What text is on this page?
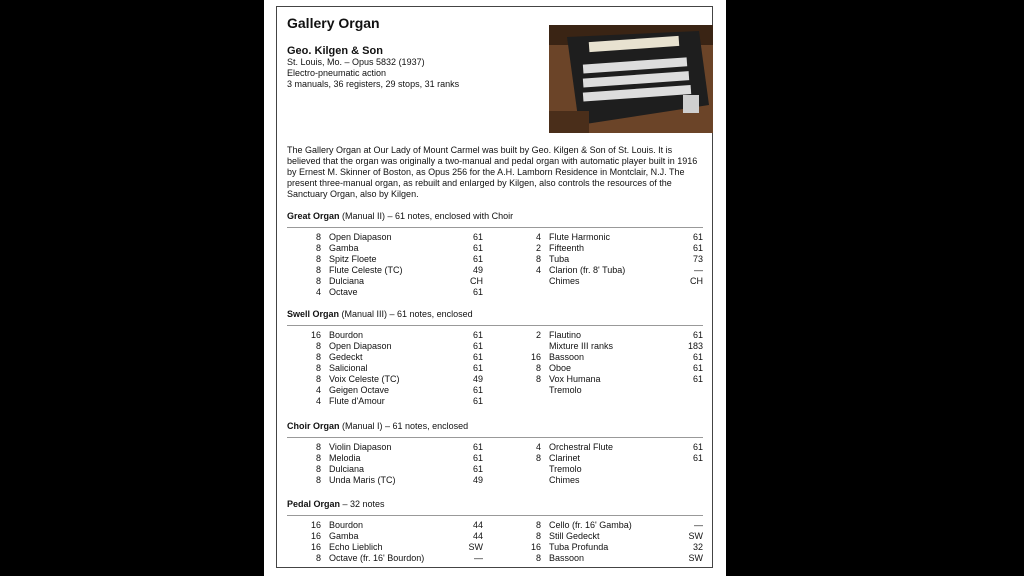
Gallery Organ
Geo. Kilgen & Son
St. Louis, Mo. – Opus 5832 (1937)
Electro-pneumatic action
3 manuals, 36 registers, 29 stops, 31 ranks
The Gallery Organ at Our Lady of Mount Carmel was built by Geo. Kilgen & Son of St. Louis. It is believed that the organ was originally a two-manual and pedal organ with automatic player built in 1916 by Ernest M. Skinner of Boston, as Opus 256 for the A.H. Lamborn Residence in Montclair, N.J. The present three-manual organ, as rebuilt and enlarged by Kilgen, also controls the resources of the Sanctuary Organ, also by Kilgen.
Great Organ (Manual II) – 61 notes, enclosed with Choir
8 Open Diapason	61
8 Gamba	61
8 Spitz Floete	61
8 Flute Celeste (TC)	49
8 Dulciana	CH
4 Octave	61
4 Flute Harmonic	61
2 Fifteenth	61
8 Tuba	73
4 Clarion (fr. 8' Tuba)	—
Chimes	CH
Swell Organ (Manual III) – 61 notes, enclosed
16 Bourdon	61
8 Open Diapason	61
8 Gedeckt	61
8 Salicional	61
8 Voix Celeste (TC)	49
4 Geigen Octave	61
4 Flute d'Amour	61
2 Flautino	61
Mixture III ranks	183
16 Bassoon	61
8 Oboe	61
8 Vox Humana	61
Tremolo
Choir Organ (Manual I) – 61 notes, enclosed
8 Violin Diapason	61
8 Melodia	61
8 Dulciana	61
8 Unda Maris (TC)	49
4 Orchestral Flute	61
8 Clarinet	61
Tremolo
Chimes
Pedal Organ – 32 notes
16 Bourdon	44
16 Gamba	44
16 Echo Lieblich	SW
8 Octave (fr. 16' Bourdon)	—
8 Cello (fr. 16' Gamba)	—
8 Still Gedeckt	SW
16 Tuba Profunda	32
8 Bassoon	SW
